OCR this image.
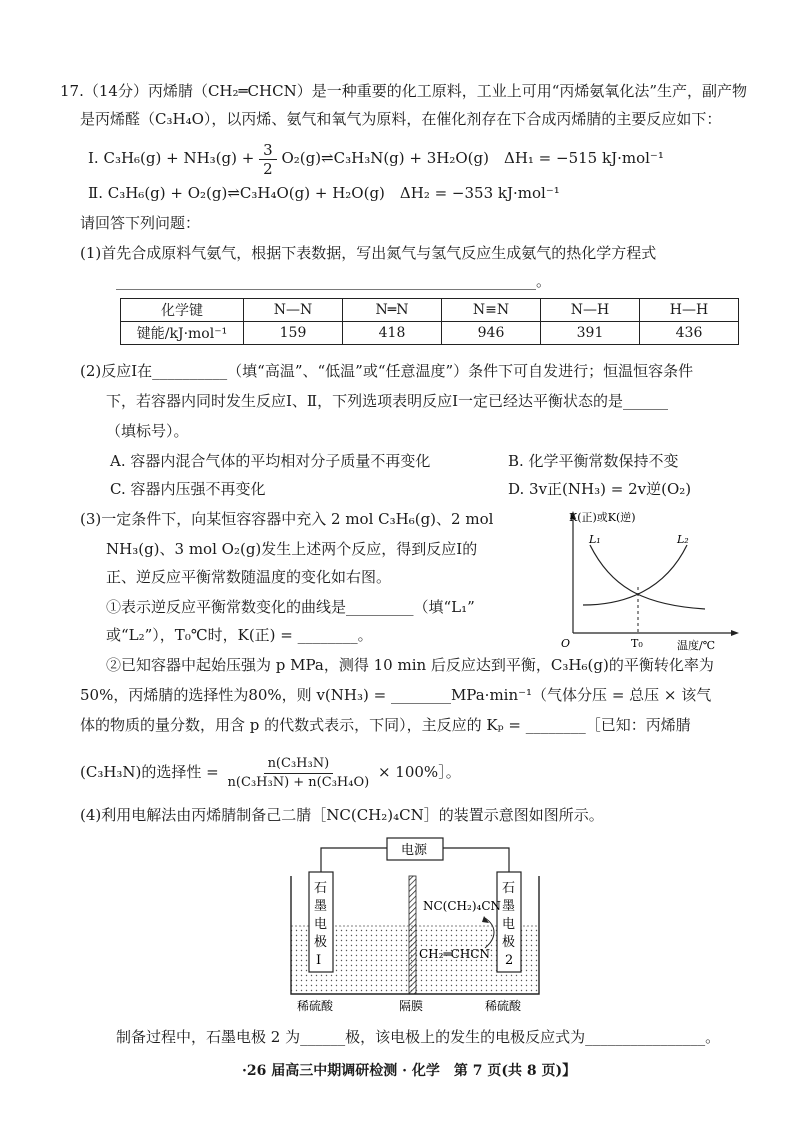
17.（14分）丙烯腈（CH₂═CHCN）是一种重要的化工原料，工业上可用“丙烯氨氧化法”生产，副产物
是丙烯醛（C₃H₄O），以丙烯、氨气和氧气为原料，在催化剂存在下合成丙烯腈的主要反应如下：
Ⅰ. $C_3H_6(g) + NH_3(g) + \frac{3}{2}$ O₂(g)⇌C₃H₃N(g) + 3H₂O(g)　ΔH₁ = −515 kJ·mol⁻¹
Ⅱ. C₃H₆(g) + O₂(g)⇌C₃H₄O(g) + H₂O(g)　ΔH₂ = −353 kJ·mol⁻¹
请回答下列问题：
(1)首先合成原料气氨气，根据下表数据，写出氮气与氢气反应生成氨气的热化学方程式
________________________________________________________。
化学键	N—N	N═N	N≡N	N—H	H—H
键能/kJ·mol⁻¹	159	418	946	391	436
(2)反应Ⅰ在__________（填“高温”、“低温”或“任意温度”）条件下可自发进行；恒温恒容条件
下，若容器内同时发生反应Ⅰ、Ⅱ，下列选项表明反应Ⅰ一定已经达平衡状态的是______
（填标号）。
A. 容器内混合气体的平均相对分子质量不再变化	B. 化学平衡常数保持不变
C. 容器内压强不再变化	D. 3v正(NH₃) = 2v逆(O₂)
(3)一定条件下，向某恒容容器中充入 2 mol C₃H₆(g)、2 mol
NH₃(g)、3 mol O₂(g)发生上述两个反应，得到反应Ⅰ的
正、逆反应平衡常数随温度的变化如右图。
①表示逆反应平衡常数变化的曲线是_________（填“L₁”
或“L₂”），T₀℃时，K(正) = ________。
K(正)或K(逆)
L₁	L₂
O	T₀	温度/℃
②已知容器中起始压强为 p MPa，测得 10 min 后反应达到平衡，C₃H₆(g)的平衡转化率为
50%，丙烯腈的选择性为80%，则 v(NH₃) = ________MPa·min⁻¹（气体分压 = 总压 × 该气
体的物质的量分数，用含 p 的代数式表示，下同），主反应的 Kₚ = ________［已知：丙烯腈
(C₃H₃N)的选择性 = $\frac{\text{n(C₃H₃N)}}{\text{n(C₃H₃N) + n(C₃H₄O)}}$ × 100%］。
(4)利用电解法由丙烯腈制备己二腈［NC(CH₂)₄CN］的装置示意图如图所示。
电源
石
墨
电
极
Ⅰ
石
墨
电
极
2
NC(CH₂)₄CN
CH₂═CHCN
稀硫酸	隔膜	稀硫酸
制备过程中，石墨电极 2 为______极，该电极上的发生的电极反应式为________________。
·26 届高三中期调研检测 · 化学　第 7 页(共 8 页)】
